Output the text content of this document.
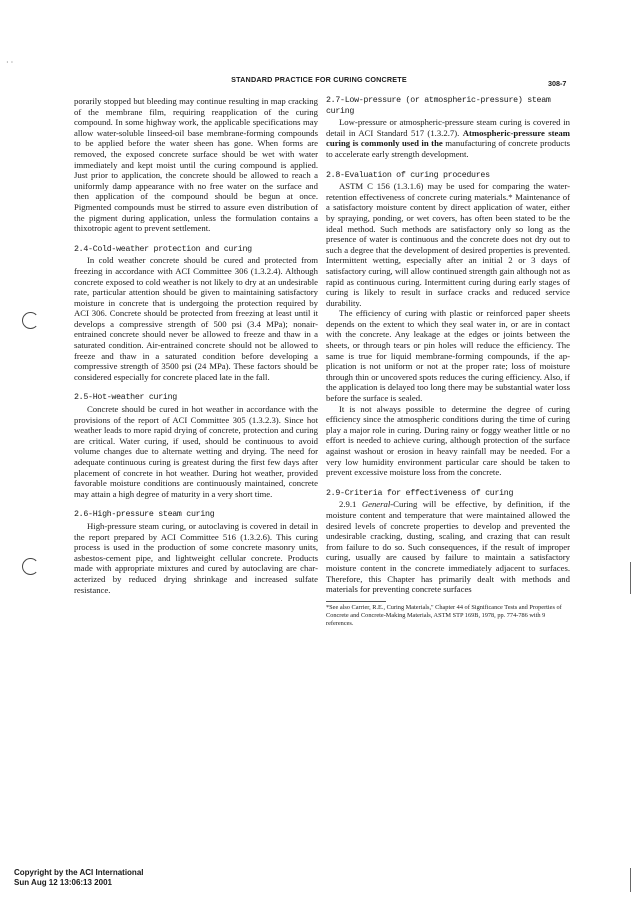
· ·
STANDARD PRACTICE FOR CURING CONCRETE	308-7

porarily stopped but bleeding may continue resulting in map cracking of the membrane film, requiring reapplication of the curing compound. In some highway work, the applicable specifications may allow water-soluble linseed-oil base membrane-forming compounds to be applied before the water sheen has gone. When forms are removed, the exposed concrete surface should be wet with water immediately and kept moist until the curing compound is applied. Just prior to application, the concrete should be allowed to reach a uniformly damp appearance with no free water on the surface and then application of the compound should be begun at once. Pigmented compounds must be stirred to assure even distribution of the pigment during application, unless the formulation contains a thixotropic agent to prevent settlement.

2.4-Cold-weather protection and curing

In cold weather concrete should be cured and protected from freezing in accordance with ACI Committee 306 (1.3.2.4). Although concrete exposed to cold weather is not likely to dry at an undesirable rate, particular attention should be given to maintaining satisfactory moisture in concrete that is undergoing the protection required by ACI 306. Concrete should be protected from freezing at least until it develops a compressive strength of 500 psi (3.4 MPa); nonair-entrained concrete should never be allowed to freeze and thaw in a saturated condition. Air-entrained concrete should not be allowed to freeze and thaw in a saturated condition before developing a compressive strength of 3500 psi (24 MPa). These factors should be considered especially for concrete placed late in the fall.

2.5-Hot-weather curing

Concrete should be cured in hot weather in accordance with the provisions of the report of ACI Committee 305 (1.3.2.3). Since hot weather leads to more rapid drying of concrete, protection and curing are critical. Water curing, if used, should be continuous to avoid volume changes due to alternate wetting and drying. The need for adequate continuous curing is greatest during the first few days after placement of concrete in hot weather. During hot weather, provided favorable moisture conditions are continuously maintained, concrete may attain a high degree of maturity in a very short time.

2.6-High-pressure steam curing

High-pressure steam curing, or autoclaving is covered in detail in the report prepared by ACI Committee 516 (1.3.2.6). This curing process is used in the production of some concrete masonry units, asbestos-cement pipe, and lightweight cellular concrete. Products made with appropriate mixtures and cured by autoclaving are characterized by reduced drying shrinkage and increased sulfate resistance.

2.7-Low-pressure (or atmospheric-pressure) steam curing

Low-pressure or atmospheric-pressure steam curing is covered in detail in ACI Standard 517 (1.3.2.7). Atmospheric-pressure steam curing is commonly used in the manufacturing of concrete products to accelerate early strength development.

2.8-Evaluation of curing procedures

ASTM C 156 (1.3.1.6) may be used for comparing the water-retention effectiveness of concrete curing materials.* Maintenance of a satisfactory moisture content by direct application of water, either by spraying, ponding, or wet covers, has often been stated to be the ideal method. Such methods are satisfactory only so long as the presence of water is continuous and the concrete does not dry out to such a degree that the development of desired properties is prevented. Intermittent wetting, especially after an initial 2 or 3 days of satisfactory curing, will allow continued strength gain although not as rapid as continuous curing. Intermittent curing during early stages of curing is likely to result in surface cracks and reduced service durability.

The efficiency of curing with plastic or reinforced paper sheets depends on the extent to which they seal water in, or are in contact with the concrete. Any leakage at the edges or joints between the sheets, or through tears or pin holes will reduce the efficiency. The same is true for liquid membrane-forming compounds, if the application is not uniform or not at the proper rate; loss of moisture through thin or uncovered spots reduces the curing efficiency. Also, if the application is delayed too long there may be substantial water loss before the surface is sealed.

It is not always possible to determine the degree of curing efficiency since the atmospheric conditions during the time of curing play a major role in curing. During rainy or foggy weather little or no effort is needed to achieve curing, although protection of the surface against washout or erosion in heavy rainfall may be needed. For a very low humidity environment particular care should be taken to prevent excessive moisture loss from the concrete.

2.9-Criteria for effectiveness of curing

2.9.1 General-Curing will be effective, by definition, if the moisture content and temperature that were maintained allowed the desired levels of concrete properties to develop and prevented the undesirable cracking, dusting, scaling, and crazing that can result from failure to do so. Such consequences, if the result of improper curing, usually are caused by failure to maintain a satisfactory moisture content in the concrete immediately adjacent to surfaces. Therefore, this Chapter has primarily dealt with methods and materials for preventing concrete surfaces

*See also Carrier, R.E., Curing Materials," Chapter 44 of Significance Tests and Properties of Concrete and Concrete-Making Materials, ASTM STP 169B, 1978, pp. 774-786 with 9 references.

Copyright by the ACI International
Sun Aug 12 13:06:13 2001
